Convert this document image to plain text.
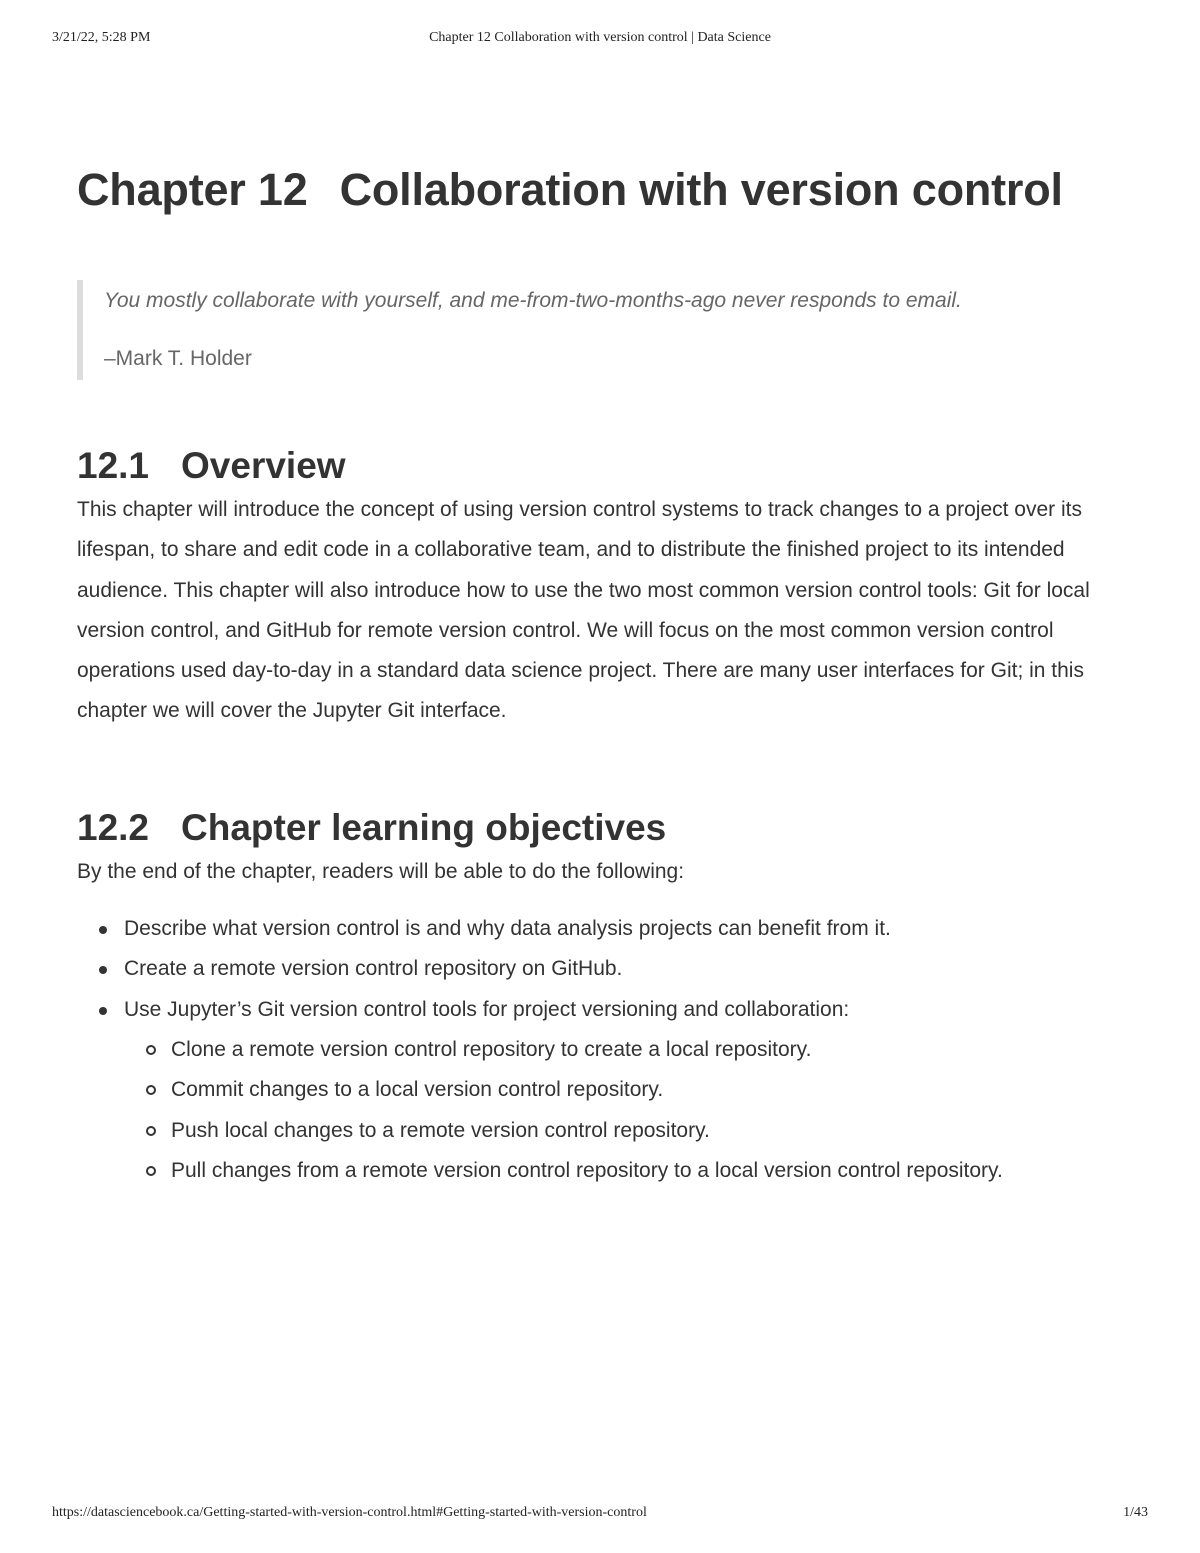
3/21/22, 5:28 PM	Chapter 12 Collaboration with version control | Data Science
Chapter 12 Collaboration with version control

You mostly collaborate with yourself, and me-from-two-months-ago never responds to email.

–Mark T. Holder

12.1 Overview

This chapter will introduce the concept of using version control systems to track changes to a project over its lifespan, to share and edit code in a collaborative team, and to distribute the finished project to its intended audience. This chapter will also introduce how to use the two most common version control tools: Git for local version control, and GitHub for remote version control. We will focus on the most common version control operations used day-to-day in a standard data science project. There are many user interfaces for Git; in this chapter we will cover the Jupyter Git interface.

12.2 Chapter learning objectives

By the end of the chapter, readers will be able to do the following:

Describe what version control is and why data analysis projects can benefit from it.
Create a remote version control repository on GitHub.
Use Jupyter’s Git version control tools for project versioning and collaboration:
Clone a remote version control repository to create a local repository.
Commit changes to a local version control repository.
Push local changes to a remote version control repository.
Pull changes from a remote version control repository to a local version control repository.
https://datasciencebook.ca/Getting-started-with-version-control.html#Getting-started-with-version-control	1/43
